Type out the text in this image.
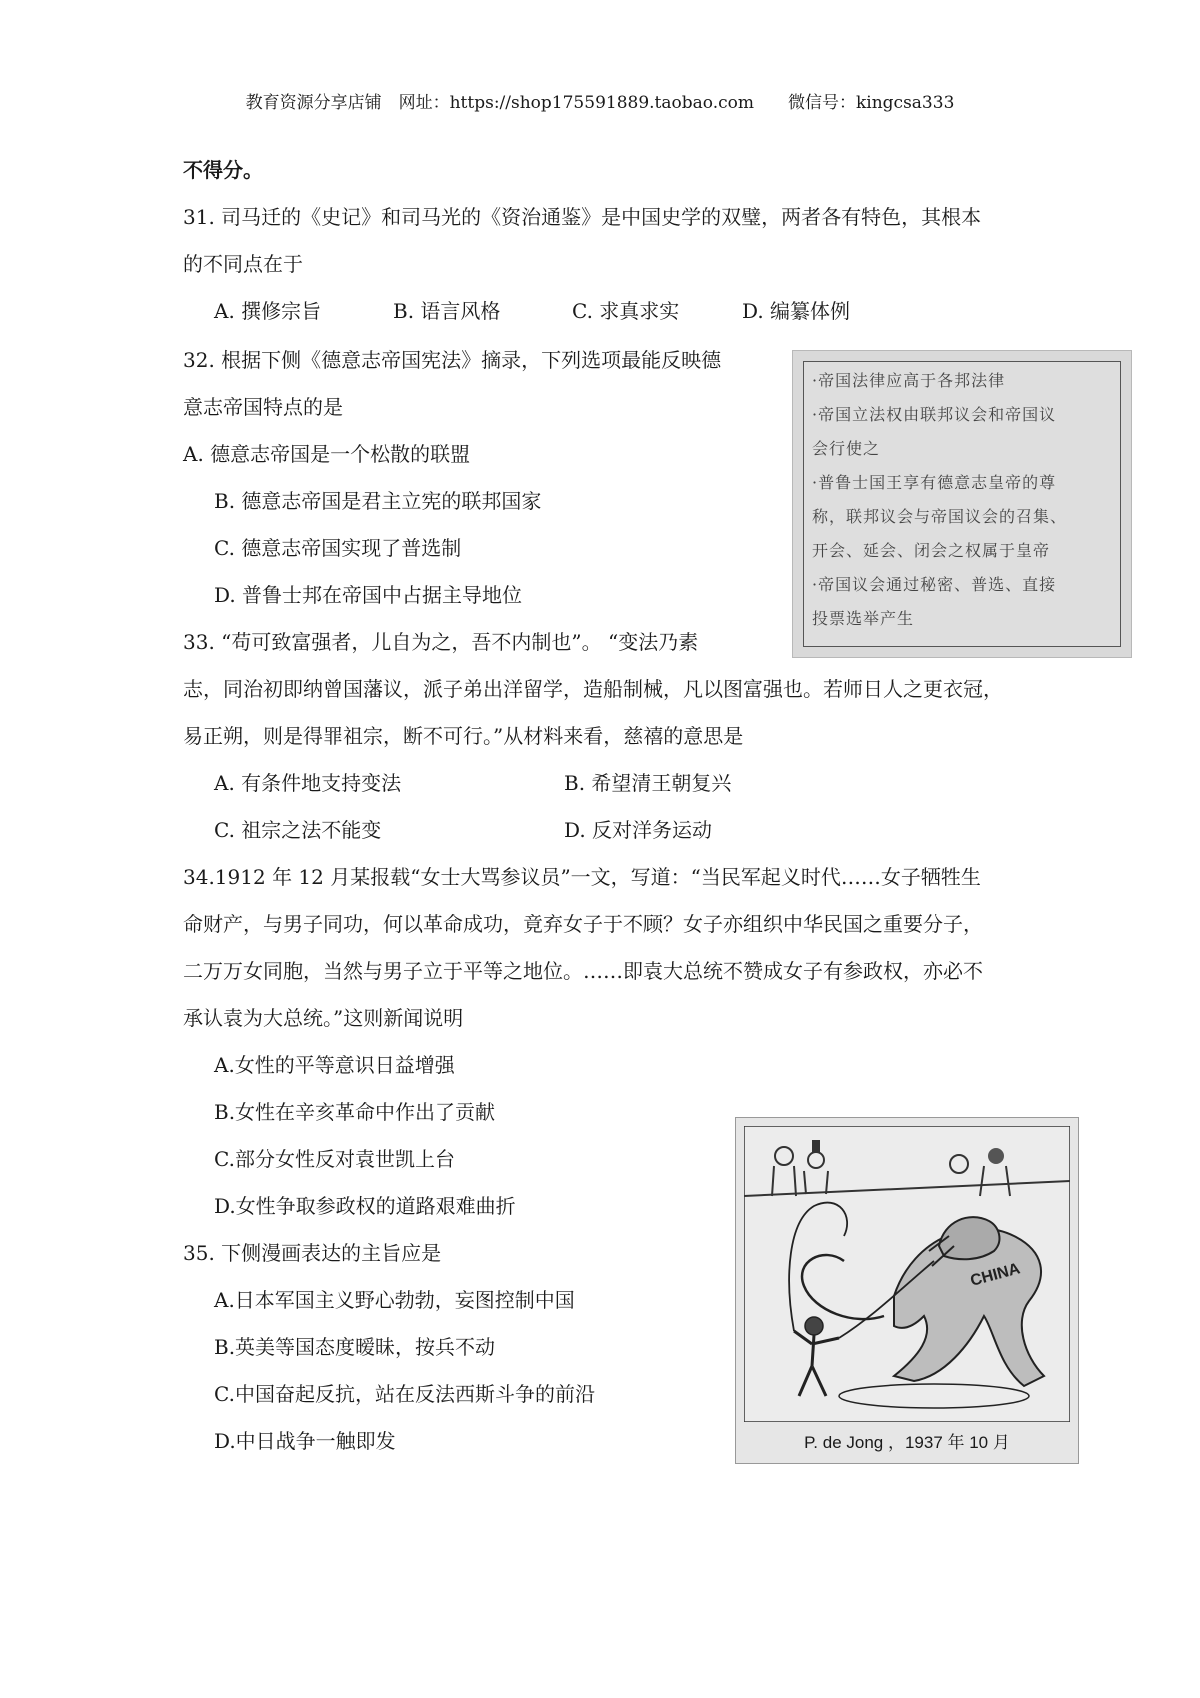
教育资源分享店铺　网址：https://shop175591889.taobao.com　　微信号：kingcsa333
不得分。
31. 司马迁的《史记》和司马光的《资治通鉴》是中国史学的双璧，两者各有特色，其根本
的不同点在于
A. 撰修宗旨	B. 语言风格	C. 求真求实	D. 编纂体例
32. 根据下侧《德意志帝国宪法》摘录，下列选项最能反映德
意志帝国特点的是
A. 德意志帝国是一个松散的联盟
B. 德意志帝国是君主立宪的联邦国家
C. 德意志帝国实现了普选制
D. 普鲁士邦在帝国中占据主导地位
·帝国法律应高于各邦法律
·帝国立法权由联邦议会和帝国议
会行使之
·普鲁士国王享有德意志皇帝的尊
称，联邦议会与帝国议会的召集、
开会、延会、闭会之权属于皇帝
·帝国议会通过秘密、普选、直接
投票选举产生
33. “苟可致富强者，儿自为之，吾不内制也”。 “变法乃素
志，同治初即纳曾国藩议，派子弟出洋留学，造船制械，凡以图富强也。若师日人之更衣冠，
易正朔，则是得罪祖宗，断不可行。”从材料来看，慈禧的意思是
A. 有条件地支持变法	B. 希望清王朝复兴
C. 祖宗之法不能变	D. 反对洋务运动
34.1912 年 12 月某报载“女士大骂参议员”一文，写道：“当民军起义时代……女子牺牲生
命财产，与男子同功，何以革命成功，竟弃女子于不顾？女子亦组织中华民国之重要分子，
二万万女同胞，当然与男子立于平等之地位。……即袁大总统不赞成女子有参政权，亦必不
承认袁为大总统。”这则新闻说明
A.女性的平等意识日益增强
B.女性在辛亥革命中作出了贡献
C.部分女性反对袁世凯上台
D.女性争取参政权的道路艰难曲折
35. 下侧漫画表达的主旨应是
A.日本军国主义野心勃勃，妄图控制中国
B.英美等国态度暧昧，按兵不动
C.中国奋起反抗，站在反法西斯斗争的前沿
D.中日战争一触即发
CHINA
P. de Jong ，1937 年 10 月
